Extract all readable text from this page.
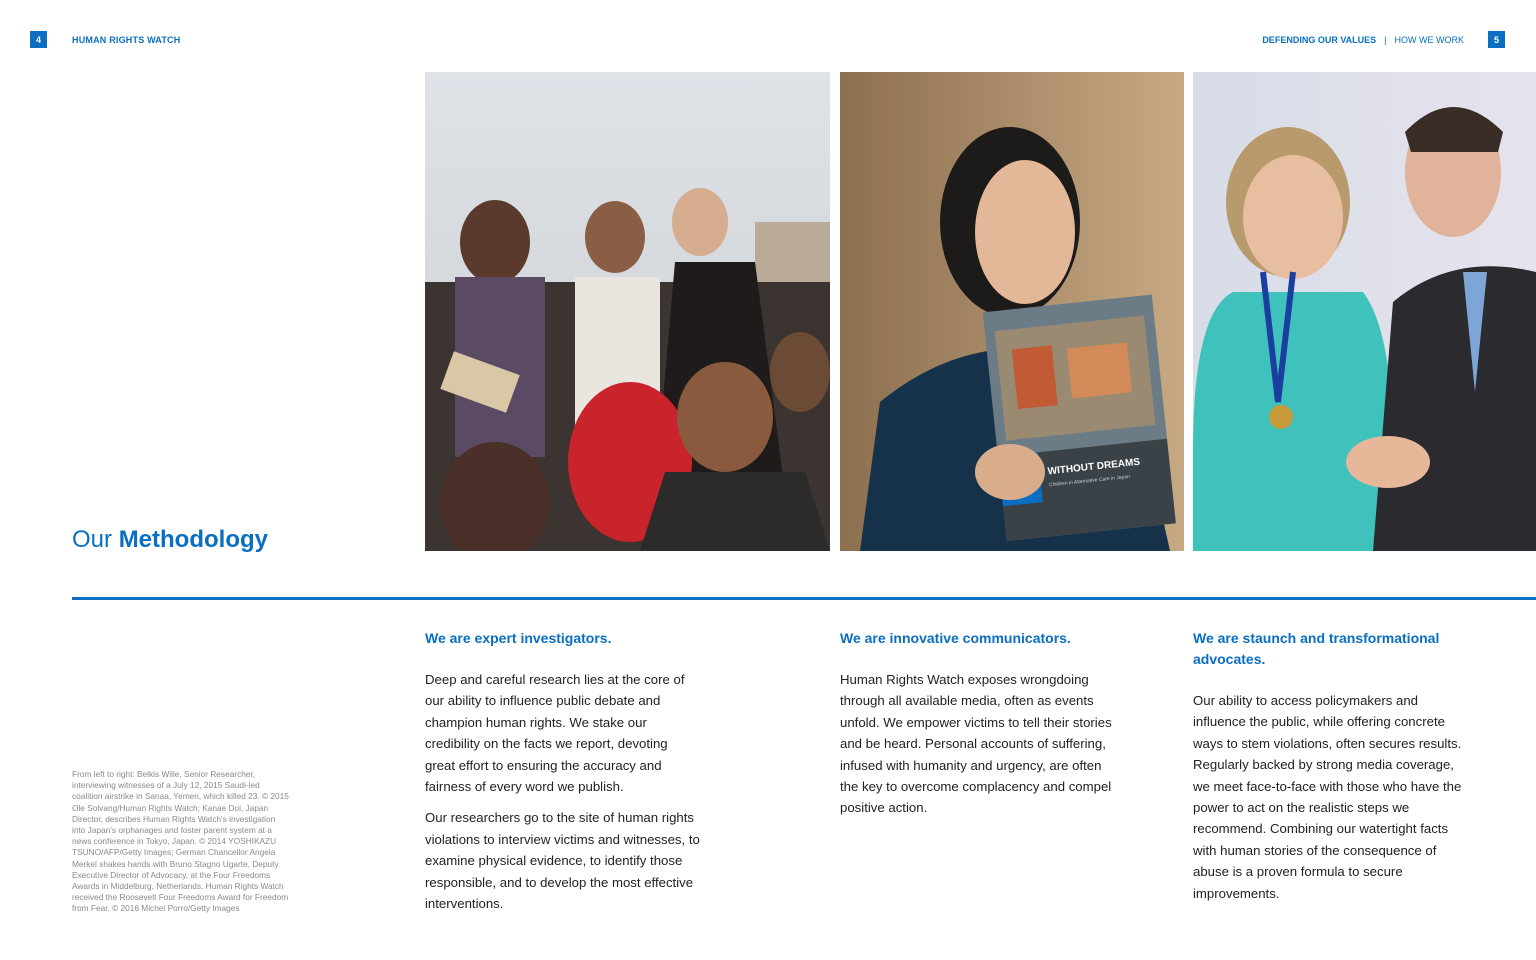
4	HUMAN RIGHTS WATCH	DEFENDING OUR VALUES | HOW WE WORK	5
WITHOUT DREAMS
Children in Alternative Care in Japan
Our Methodology
From left to right: Belkis Wille, Senior Researcher, interviewing witnesses of a July 12, 2015 Saudi-led coalition airstrike in Sanaa, Yemen, which killed 23. © 2015 Ole Solvang/Human Rights Watch; Kanae Doi, Japan Director, describes Human Rights Watch's investigation into Japan's orphanages and foster parent system at a news conference in Tokyo, Japan. © 2014 YOSHIKAZU TSUNO/AFP/Getty Images; German Chancellor Angela Merkel shakes hands with Bruno Stagno Ugarte, Deputy Executive Director of Advocacy, at the Four Freedoms Awards in Middelburg, Netherlands. Human Rights Watch received the Roosevelt Four Freedoms Award for Freedom from Fear. © 2016 Michel Porro/Getty Images
We are expert investigators.

Deep and careful research lies at the core of our ability to influence public debate and champion human rights. We stake our credibility on the facts we report, devoting great effort to ensuring the accuracy and fairness of every word we publish.

Our researchers go to the site of human rights violations to interview victims and witnesses, to examine physical evidence, to identify those responsible, and to develop the most effective interventions.

We are innovative communicators.

Human Rights Watch exposes wrongdoing through all available media, often as events unfold. We empower victims to tell their stories and be heard. Personal accounts of suffering, infused with humanity and urgency, are often the key to overcome complacency and compel positive action.

We are staunch and transformational advocates.

Our ability to access policymakers and influence the public, while offering concrete ways to stem violations, often secures results. Regularly backed by strong media coverage, we meet face-to-face with those who have the power to act on the realistic steps we recommend. Combining our watertight facts with human stories of the consequence of abuse is a proven formula to secure improvements.
